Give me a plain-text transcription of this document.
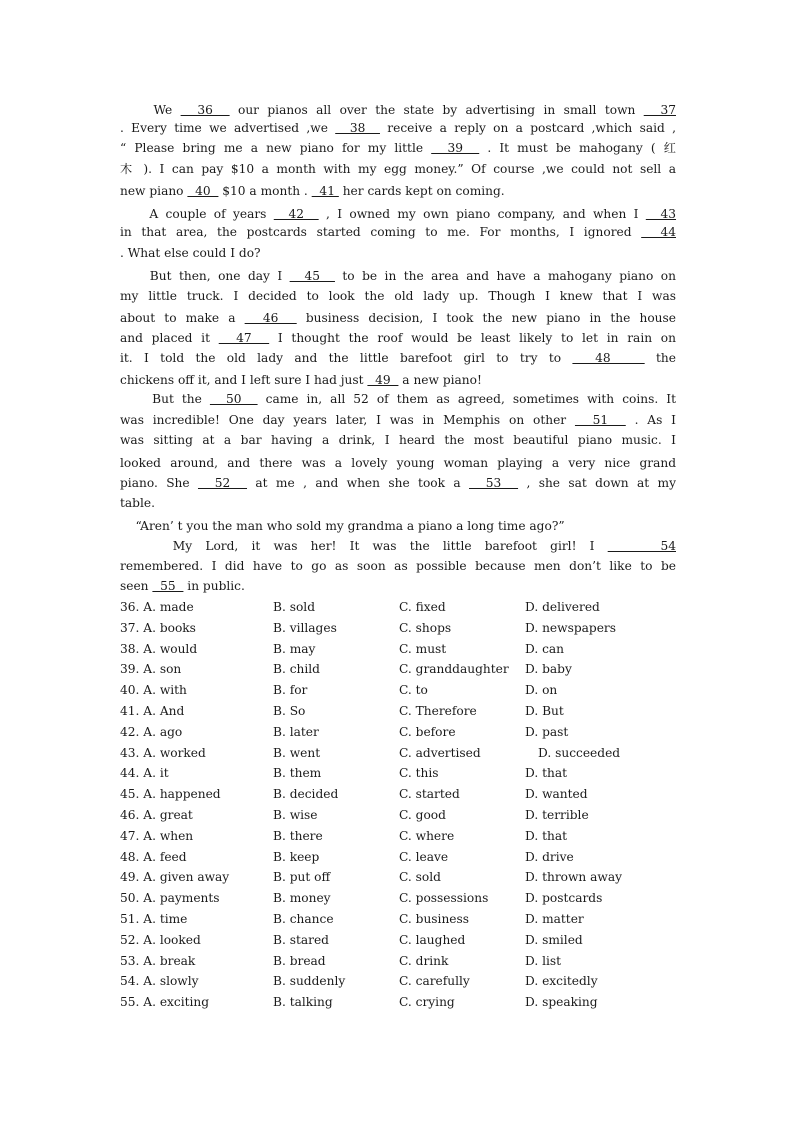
We   36   our pianos all over the state by advertising in small town   37
. Every time we advertised ,we   38   receive a reply on a postcard ,which said ,
“ Please bring me a new piano for my little   39   . It must be mahogany ( 红
木 ). I can pay $10 a month with my egg money.” Of course ,we could not sell a
new piano   40   $10 a month .   41  her cards kept on coming.
A couple of years   42   , I owned my own piano company, and when I   43
in that area, the postcards started coming to me. For months, I ignored   44
. What else could I do?
But then, one day I   45   to be in the area and have a mahogany piano on
my little truck. I decided to look the old lady up. Though I knew that I was
about to make a   46   business decision, I took the new piano in the house
and placed it   47   I thought the roof would be least likely to let in rain on
it. I told the old lady and the little barefoot girl to try to   48    the
chickens off it, and I left sure I had just   49   a new piano!
But the   50   came in, all 52 of them as agreed, sometimes with coins. It
was incredible! One day years later, I was in Memphis on other   51   . As I
was sitting at a bar having a drink, I heard the most beautiful piano music. I
looked around, and there was a lovely young woman playing a very nice grand
piano. She   52   at me , and when she took a   53   , she sat down at my
table.
“Aren’ t you the man who sold my grandma a piano a long time ago?”
My Lord, it was her! It was the little barefoot girl! I     54
remembered. I did have to go as soon as possible because men don’t like to be
seen   55   in public.
36. A. made	B. sold	C. fixed	D. delivered
37. A. books	B. villages	C. shops	D. newspapers
38. A. would	B. may	C. must	D. can
39. A. son	B. child	C. granddaughter D. baby
40. A. with	B. for	C. to	D. on
41. A. And	B. So	C. Therefore	D. But
42. A. ago	B. later	C. before	D. past
43. A. worked	B. went	C. advertised	D. succeeded
44. A. it	B. them	C. this	D. that
45. A. happened	B. decided	C. started	D. wanted
46. A. great	B. wise	C. good	D. terrible
47. A. when	B. there	C. where	D. that
48. A. feed	B. keep	C. leave	D. drive
49. A. given away	B. put off	C. sold	D. thrown away
50. A. payments	B. money	C. possessions	D. postcards
51. A. time	B. chance	C. business	D. matter
52. A. looked	B. stared	C. laughed	D. smiled
53. A. break	B. bread	C. drink	D. list
54. A. slowly	B. suddenly	C. carefully	D. excitedly
55. A. exciting	B. talking	C. crying	D. speaking
